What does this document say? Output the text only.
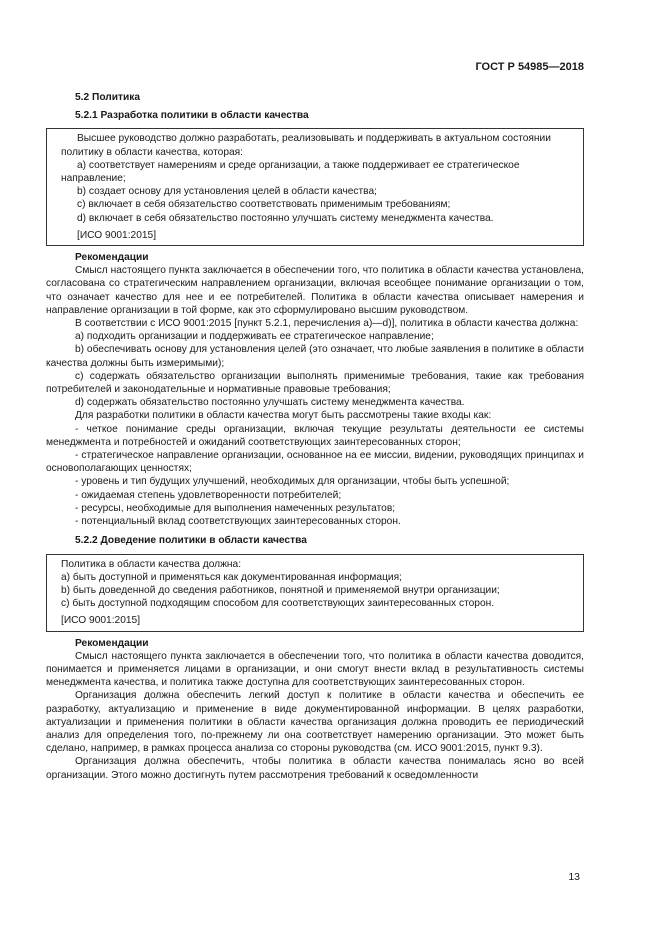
ГОСТ Р 54985—2018
5.2 Политика
5.2.1 Разработка политики в области качества

Высшее руководство должно разработать, реализовывать и поддерживать в актуальном состоянии политику в области качества, которая:

а) соответствует намерениям и среде организации, а также поддерживает ее стратегическое направление;

b) создает основу для установления целей в области качества;

c) включает в себя обязательство соответствовать применимым требованиям;

d) включает в себя обязательство постоянно улучшать систему менеджмента качества.

[ИСО 9001:2015]
Рекомендации

Смысл настоящего пункта заключается в обеспечении того, что политика в области качества установлена, согласована со стратегическим направлением организации, включая всеобщее понимание организации о том, что означает качество для нее и ее потребителей. Политика в области качества описывает намерения и направление организации в той форме, как это сформулировано высшим руководством.

В соответствии с ИСО 9001:2015 [пункт 5.2.1, перечисления а)—d)], политика в области качества должна:

а) подходить организации и поддерживать ее стратегическое направление;

b) обеспечивать основу для установления целей (это означает, что любые заявления в политике в области качества должны быть измеримыми);

c) содержать обязательство организации выполнять применимые требования, такие как требования потребителей и законодательные и нормативные правовые требования;

d) содержать обязательство постоянно улучшать систему менеджмента качества.

Для разработки политики в области качества могут быть рассмотрены такие входы как:

- четкое понимание среды организации, включая текущие результаты деятельности ее системы менеджмента и потребностей и ожиданий соответствующих заинтересованных сторон;

- стратегическое направление организации, основанное на ее миссии, видении, руководящих принципах и основополагающих ценностях;

- уровень и тип будущих улучшений, необходимых для организации, чтобы быть успешной;

- ожидаемая степень удовлетворенности потребителей;

- ресурсы, необходимые для выполнения намеченных результатов;

- потенциальный вклад соответствующих заинтересованных сторон.

5.2.2 Доведение политики в области качества

Политика в области качества должна:

а) быть доступной и применяться как документированная информация;

b) быть доведенной до сведения работников, понятной и применяемой внутри организации;

c) быть доступной подходящим способом для соответствующих заинтересованных сторон.

[ИСО 9001:2015]
Рекомендации

Смысл настоящего пункта заключается в обеспечении того, что политика в области качества доводится, понимается и применяется лицами в организации, и они смогут внести вклад в результативность системы менеджмента качества, и политика также доступна для соответствующих заинтересованных сторон.

Организация должна обеспечить легкий доступ к политике в области качества и обеспечить ее разработку, актуализацию и применение в виде документированной информации. В целях разработки, актуализации и применения политики в области качества организация должна проводить ее периодический анализ для определения того, по-прежнему ли она соответствует намерению организации. Это может быть сделано, например, в рамках процесса анализа со стороны руководства (см. ИСО 9001:2015, пункт 9.3).

Организация должна обеспечить, чтобы политика в области качества понималась ясно во всей организации. Этого можно достигнуть путем рассмотрения требований к осведомленности

13
